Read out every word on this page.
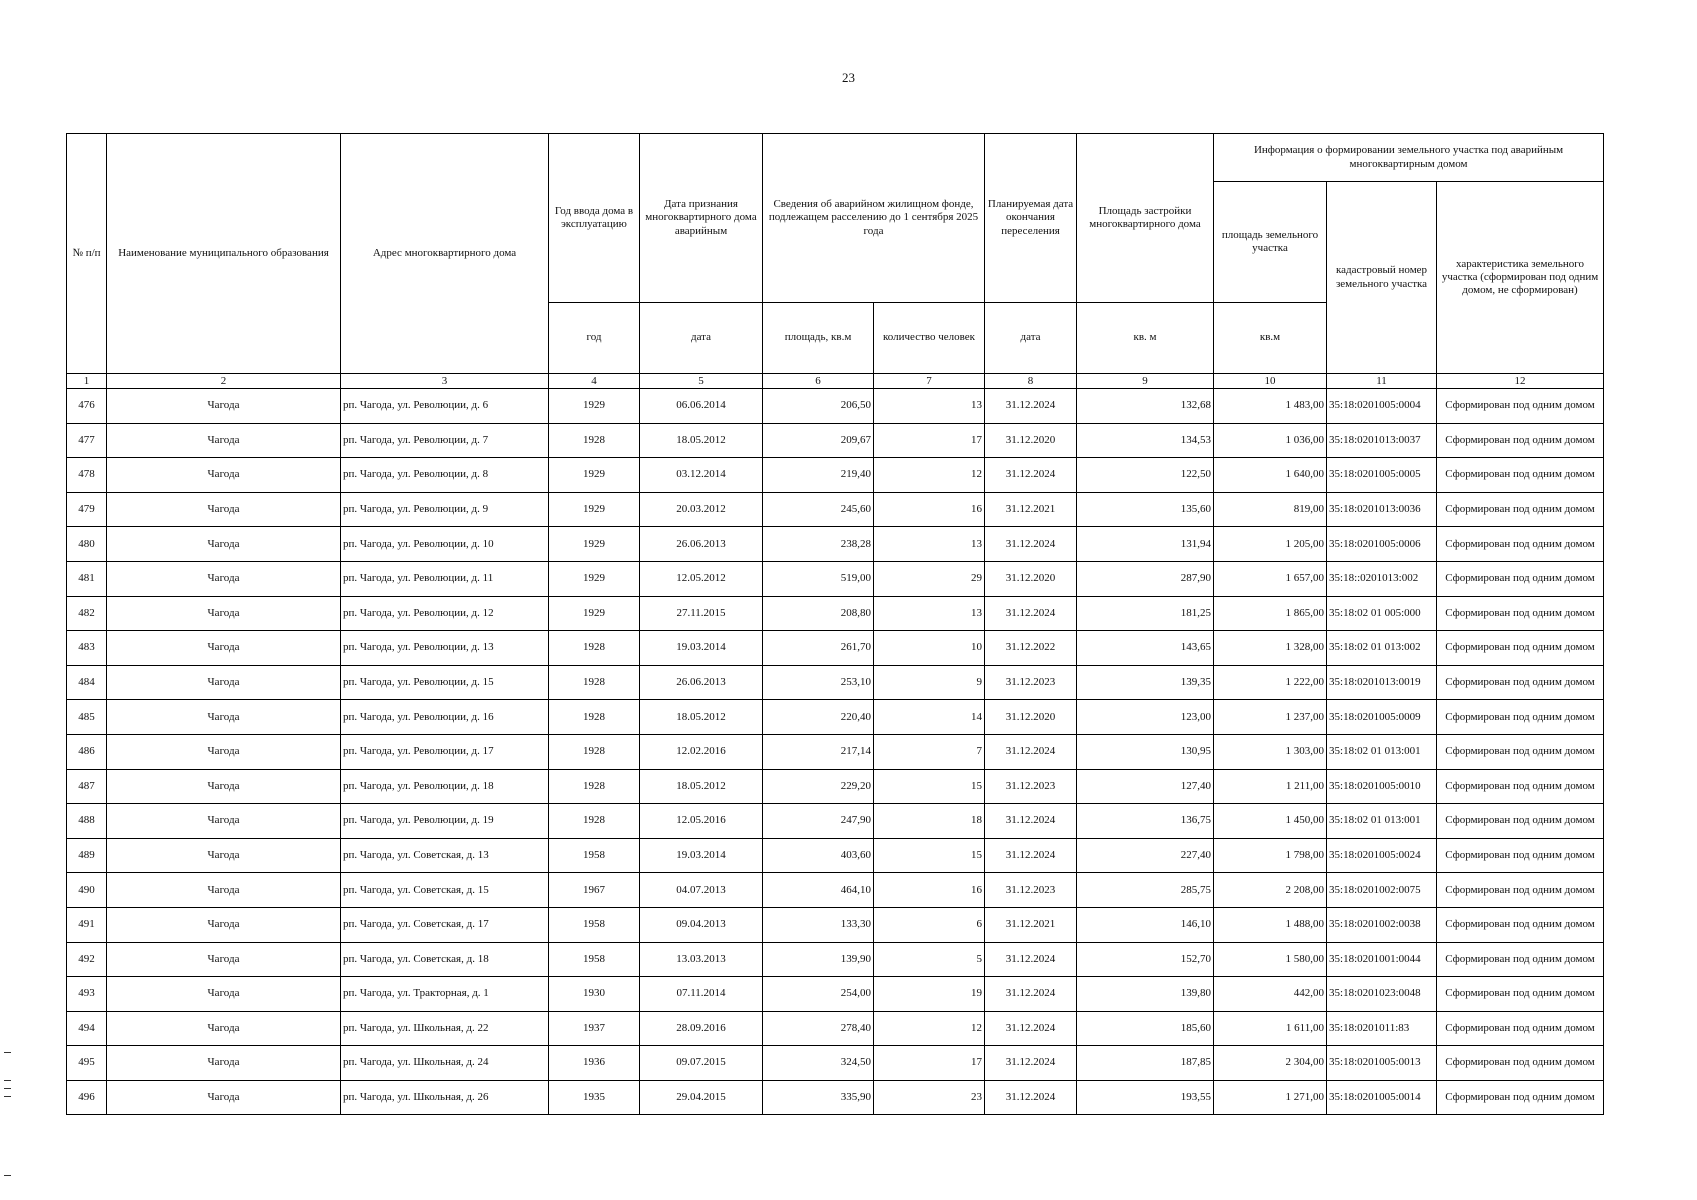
23
№ п/п	Наименование муниципального образования	Адрес многоквартирного дома	Год ввода дома в эксплуатацию	Дата признания многоквартирного дома аварийным	Сведения об аварийном жилищном фонде, подлежащем расселению до 1 сентября 2025 года		Планируемая дата окончания переселения	Площадь застройки многоквартирного дома	Информация о формировании земельного участка под аварийным многоквартирным домом		
									площадь земельного участка	кадастровый номер земельного участка	характеристика земельного участка (сформирован под одним домом, не сформирован)
			год	дата	площадь, кв.м	количество человек	дата	кв. м	кв.м		
1	2	3	4	5	6	7	8	9	10	11	12
476	Чагода	рп. Чагода, ул. Революции, д. 6	1929	06.06.2014	206,50	13	31.12.2024	132,68	1 483,00	35:18:0201005:0004	Сформирован под одним домом
477	Чагода	рп. Чагода, ул. Революции, д. 7	1928	18.05.2012	209,67	17	31.12.2020	134,53	1 036,00	35:18:0201013:0037	Сформирован под одним домом
478	Чагода	рп. Чагода, ул. Революции, д. 8	1929	03.12.2014	219,40	12	31.12.2024	122,50	1 640,00	35:18:0201005:0005	Сформирован под одним домом
479	Чагода	рп. Чагода, ул. Революции, д. 9	1929	20.03.2012	245,60	16	31.12.2021	135,60	819,00	35:18:0201013:0036	Сформирован под одним домом
480	Чагода	рп. Чагода, ул. Революции, д. 10	1929	26.06.2013	238,28	13	31.12.2024	131,94	1 205,00	35:18:0201005:0006	Сформирован под одним домом
481	Чагода	рп. Чагода, ул. Революции, д. 11	1929	12.05.2012	519,00	29	31.12.2020	287,90	1 657,00	35:18::0201013:002	Сформирован под одним домом
482	Чагода	рп. Чагода, ул. Революции, д. 12	1929	27.11.2015	208,80	13	31.12.2024	181,25	1 865,00	35:18:02 01 005:000	Сформирован под одним домом
483	Чагода	рп. Чагода, ул. Революции, д. 13	1928	19.03.2014	261,70	10	31.12.2022	143,65	1 328,00	35:18:02 01 013:002	Сформирован под одним домом
484	Чагода	рп. Чагода, ул. Революции, д. 15	1928	26.06.2013	253,10	9	31.12.2023	139,35	1 222,00	35:18:0201013:0019	Сформирован под одним домом
485	Чагода	рп. Чагода, ул. Революции, д. 16	1928	18.05.2012	220,40	14	31.12.2020	123,00	1 237,00	35:18:0201005:0009	Сформирован под одним домом
486	Чагода	рп. Чагода, ул. Революции, д. 17	1928	12.02.2016	217,14	7	31.12.2024	130,95	1 303,00	35:18:02 01 013:001	Сформирован под одним домом
487	Чагода	рп. Чагода, ул. Революции, д. 18	1928	18.05.2012	229,20	15	31.12.2023	127,40	1 211,00	35:18:0201005:0010	Сформирован под одним домом
488	Чагода	рп. Чагода, ул. Революции, д. 19	1928	12.05.2016	247,90	18	31.12.2024	136,75	1 450,00	35:18:02 01 013:001	Сформирован под одним домом
489	Чагода	рп. Чагода, ул. Советская, д. 13	1958	19.03.2014	403,60	15	31.12.2024	227,40	1 798,00	35:18:0201005:0024	Сформирован под одним домом
490	Чагода	рп. Чагода, ул. Советская, д. 15	1967	04.07.2013	464,10	16	31.12.2023	285,75	2 208,00	35:18:0201002:0075	Сформирован под одним домом
491	Чагода	рп. Чагода, ул. Советская, д. 17	1958	09.04.2013	133,30	6	31.12.2021	146,10	1 488,00	35:18:0201002:0038	Сформирован под одним домом
492	Чагода	рп. Чагода, ул. Советская, д. 18	1958	13.03.2013	139,90	5	31.12.2024	152,70	1 580,00	35:18:0201001:0044	Сформирован под одним домом
493	Чагода	рп. Чагода, ул. Тракторная, д. 1	1930	07.11.2014	254,00	19	31.12.2024	139,80	442,00	35:18:0201023:0048	Сформирован под одним домом
494	Чагода	рп. Чагода, ул. Школьная, д. 22	1937	28.09.2016	278,40	12	31.12.2024	185,60	1 611,00	35:18:0201011:83	Сформирован под одним домом
495	Чагода	рп. Чагода, ул. Школьная, д. 24	1936	09.07.2015	324,50	17	31.12.2024	187,85	2 304,00	35:18:0201005:0013	Сформирован под одним домом
496	Чагода	рп. Чагода, ул. Школьная, д. 26	1935	29.04.2015	335,90	23	31.12.2024	193,55	1 271,00	35:18:0201005:0014	Сформирован под одним домом
